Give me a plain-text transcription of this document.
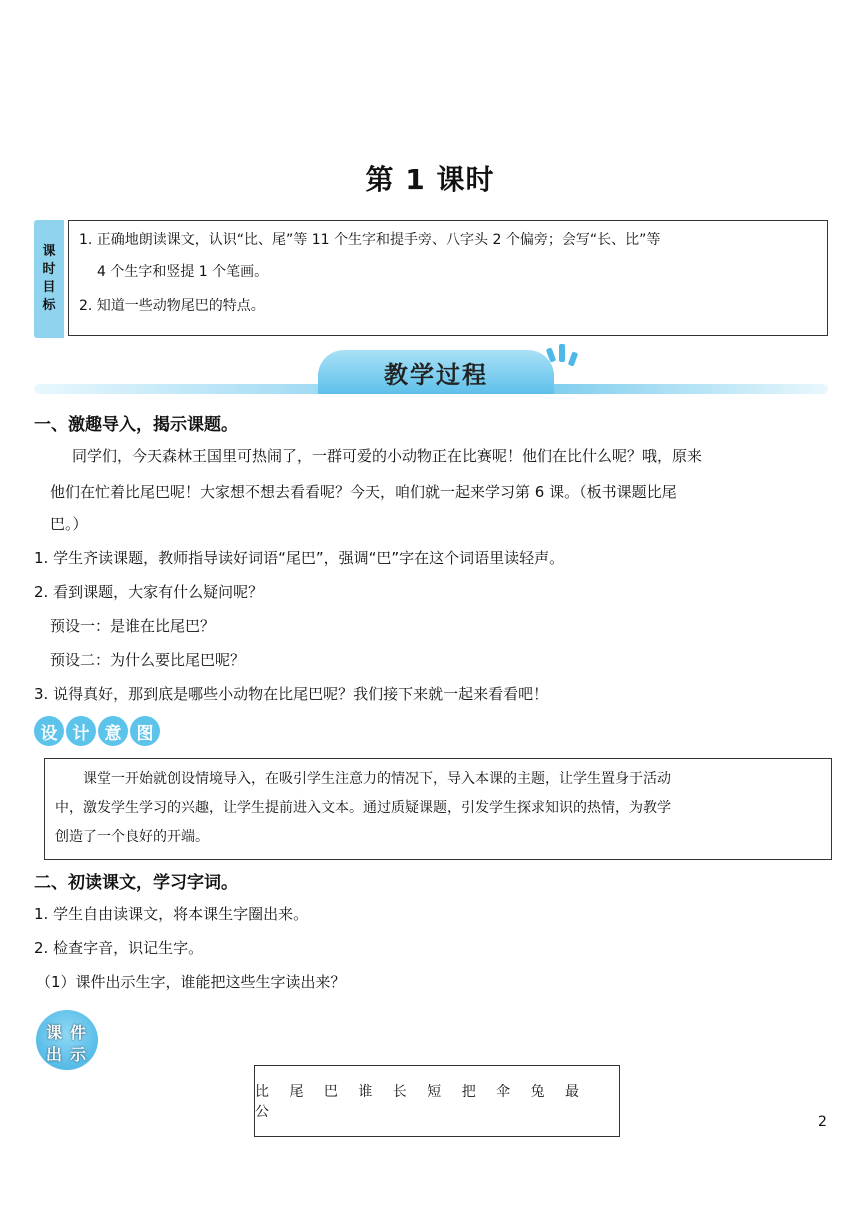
第 1 课时
课
时
目
标
1. 正确地朗读课文，认识“比、尾”等 11 个生字和提手旁、八字头 2 个偏旁；会写“长、比”等
4 个生字和竖提 1 个笔画。
2. 知道一些动物尾巴的特点。
教学过程
一、激趣导入，揭示课题。
同学们，今天森林王国里可热闹了，一群可爱的小动物正在比赛呢！他们在比什么呢？哦，原来
他们在忙着比尾巴呢！大家想不想去看看呢？今天，咱们就一起来学习第 6 课。（板书课题比尾
巴。）
1. 学生齐读课题，教师指导读好词语“尾巴”，强调“巴”字在这个词语里读轻声。
2. 看到课题，大家有什么疑问呢？
预设一：是谁在比尾巴？
预设二：为什么要比尾巴呢？
3. 说得真好，那到底是哪些小动物在比尾巴呢？我们接下来就一起来看看吧！
设 计 意 图
课堂一开始就创设情境导入，在吸引学生注意力的情况下，导入本课的主题，让学生置身于活动
中，激发学生学习的兴趣，让学生提前进入文本。通过质疑课题，引发学生探求知识的热情，为教学
创造了一个良好的开端。
二、初读课文，学习字词。
1. 学生自由读课文，将本课生字圈出来。
2. 检查字音，识记生字。
（1）课件出示生字，谁能把这些生字读出来？
课 件
出 示
比 尾 巴 谁 长 短 把 伞 兔 最 公
2
